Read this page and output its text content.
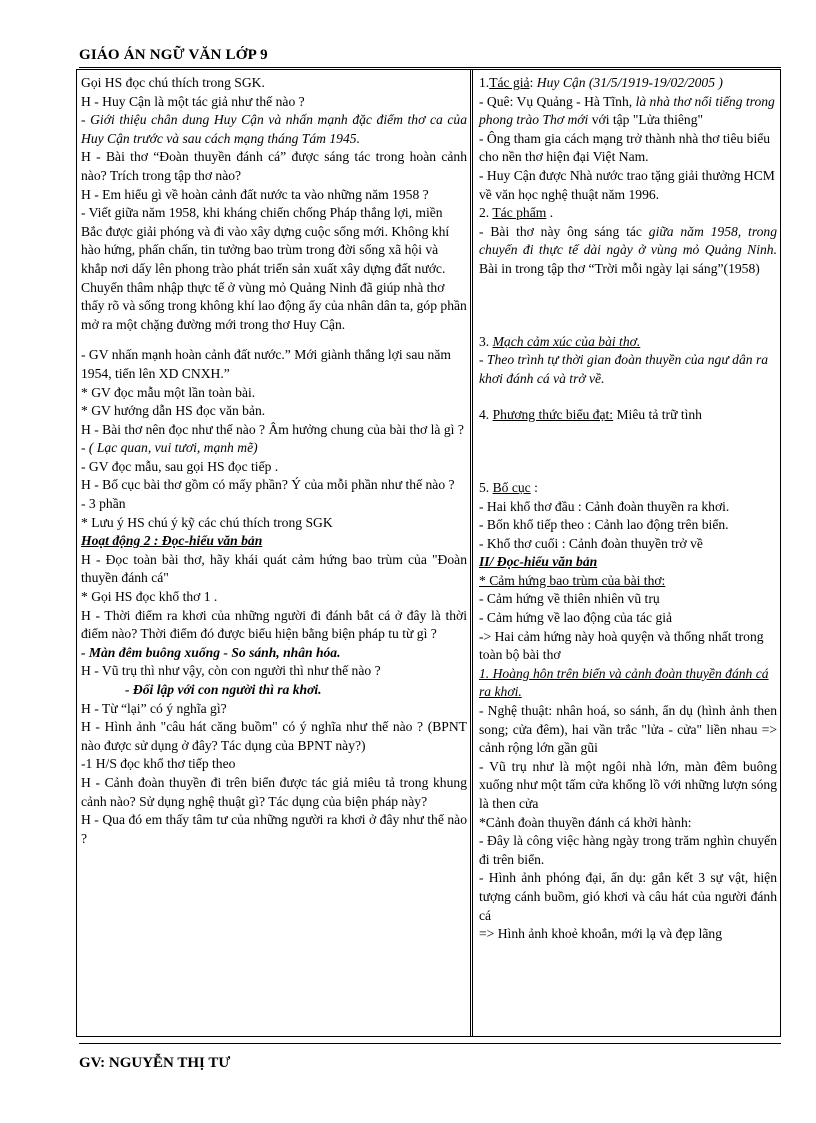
GIÁO ÁN NGỮ VĂN LỚP 9

Gọi HS đọc chú thích trong SGK.

H - Huy Cận là một tác giả như thế nào ?

- Giới thiệu chân dung Huy Cận và nhấn mạnh đặc điểm thơ ca của Huy Cận trước và sau cách mạng tháng Tám 1945.

H - Bài thơ “Đoàn thuyền đánh cá” được sáng tác trong hoàn cảnh nào? Trích trong tập thơ nào?

H - Em hiểu gì về hoàn cảnh đất nước ta vào những năm 1958 ?

- Viết giữa năm 1958, khi kháng chiến chống Pháp thắng lợi, miền Bắc được giải phóng và đi vào xây dựng cuộc sống mới. Không khí hào hứng, phấn chấn, tin tưởng bao trùm trong đời sống xã hội và khắp nơi dấy lên phong trào phát triển sản xuất xây dựng đất nước. Chuyến thâm nhập thực tế ở vùng mỏ Quảng Ninh đã giúp nhà thơ thấy rõ và sống trong không khí lao động ấy của nhân dân ta, góp phần mở ra một chặng đường mới trong thơ Huy Cận.

- GV nhấn mạnh hoàn cảnh đất nước.” Mới giành thắng lợi sau năm 1954, tiến lên XD CNXH.”

* GV đọc mẫu một lần toàn bài.

* GV hướng dẫn HS đọc văn bản.

H - Bài thơ nên đọc như thế nào ? Âm hưởng chung của bài thơ là gì ?

- ( Lạc quan, vui tươi, mạnh mẽ)

- GV đọc mẫu, sau gọi HS đọc tiếp .

H - Bố cục bài thơ gồm có mấy phần? Ý của mỗi phần như thế nào ?

- 3 phần

* Lưu ý HS chú ý kỹ các chú thích trong SGK

Hoạt động 2 : Đọc-hiểu văn bản

H - Đọc toàn bài thơ, hãy khái quát cảm hứng bao trùm của "Đoàn thuyền đánh cá"

* Gọi HS đọc khổ thơ 1 .

H - Thời điểm ra khơi của những người đi đánh bắt cá ở đây là thời điểm nào? Thời điểm đó được biểu hiện bằng biện pháp tu từ gì ?

- Màn đêm buông xuống - So sánh, nhân hóa.

H - Vũ trụ thì như vậy, còn con người thì như thế nào ?

- Đối lập với con người thì ra khơi.

H - Từ “lại” có ý nghĩa gì?

H - Hình ảnh "câu hát căng buồm" có ý nghĩa như thế nào ? (BPNT nào được sử dụng ở đây? Tác dụng của BPNT này?)

-1 H/S đọc khổ thơ tiếp theo

H - Cảnh đoàn thuyền đi trên biển được tác giả miêu tả trong khung cảnh nào? Sử dụng nghệ thuật gì? Tác dụng của biện pháp này?

H - Qua đó em thấy tâm tư của những người ra khơi ở đây như thế nào ?

1.Tác giả: Huy Cận (31/5/1919-19/02/2005 )

- Quê: Vụ Quảng - Hà Tĩnh, là nhà thơ nổi tiếng trong phong trào Thơ mới với tập "Lửa thiêng"

- Ông tham gia cách mạng trở thành nhà thơ tiêu biểu cho nền thơ hiện đại Việt Nam.

- Huy Cận được Nhà nước trao tặng giải thưởng HCM về văn học nghệ thuật năm 1996.

2. Tác phẩm .

- Bài thơ này ông sáng tác giữa năm 1958, trong chuyến đi thực tế dài ngày ở vùng mỏ Quảng Ninh. Bài in trong tập thơ “Trời mỗi ngày lại sáng”(1958)

3. Mạch cảm xúc của bài thơ.

- Theo trình tự thời gian đoàn thuyền của ngư dân ra khơi đánh cá và trở về.

4. Phương thức biểu đạt: Miêu tả trữ tình

5. Bố cục :

- Hai khổ thơ đầu : Cảnh đoàn thuyền ra khơi.

- Bốn khổ tiếp theo : Cảnh lao động trên biển.

- Khổ thơ cuối : Cảnh đoàn thuyền trở về

II/ Đọc-hiểu văn bản

* Cảm hứng bao trùm của bài thơ:

- Cảm hứng về thiên nhiên vũ trụ

- Cảm hứng về lao động của tác giả

-> Hai cảm hứng này hoà quyện và thống nhất trong toàn bộ bài thơ

1. Hoàng hôn trên biển và cảnh đoàn thuyền đánh cá ra khơi.

- Nghệ thuật: nhân hoá, so sánh, ẩn dụ (hình ảnh then song; cửa đêm), hai vần trắc "lửa - cửa" liền nhau => cảnh rộng lớn gần gũi

- Vũ trụ như là một ngôi nhà lớn, màn đêm buông xuống như một tấm cửa khổng lồ với những lượn sóng là then cửa

*Cảnh đoàn thuyền đánh cá khởi hành:

- Đây là công việc hàng ngày trong trăm nghìn chuyến đi trên biển.

- Hình ảnh phóng đại, ẩn dụ: gắn kết 3 sự vật, hiện tượng cánh buồm, gió khơi và câu hát của người đánh cá

=> Hình ảnh khoẻ khoắn, mới lạ và đẹp lãng

GV: NGUYỄN THỊ TƯ
